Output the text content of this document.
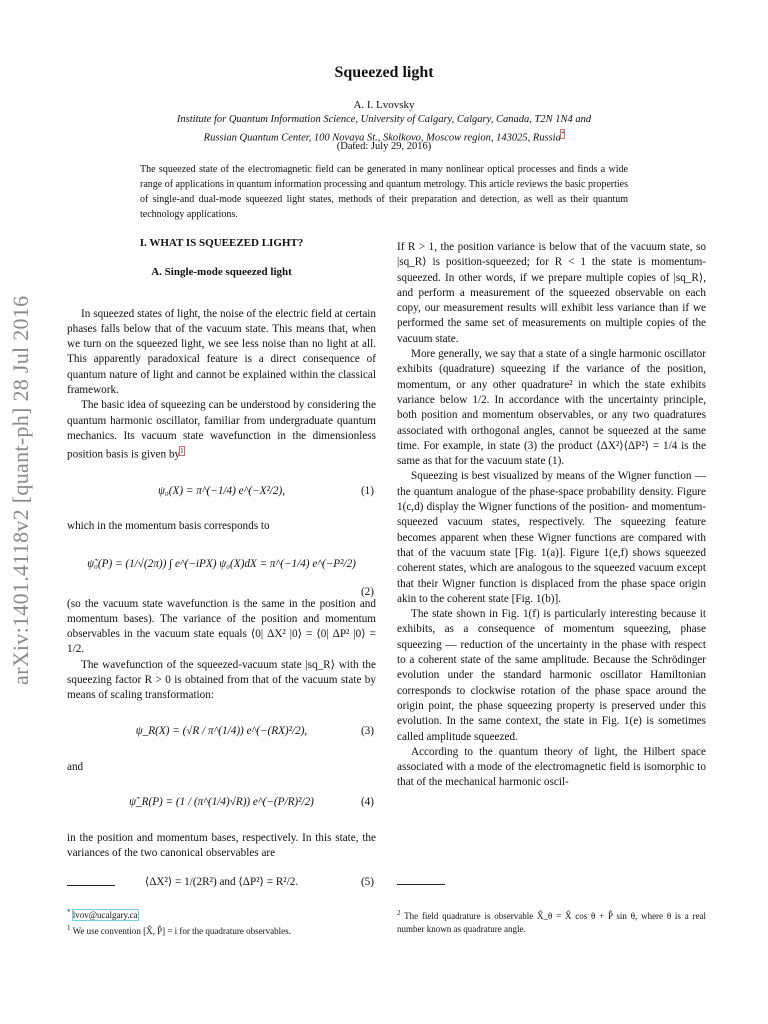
arXiv:1401.4118v2 [quant-ph] 28 Jul 2016
Squeezed light
A. I. Lvovsky
Institute for Quantum Information Science, University of Calgary, Calgary, Canada, T2N 1N4 and
Russian Quantum Center, 100 Novaya St., Skolkovo, Moscow region, 143025, Russia*
(Dated: July 29, 2016)
The squeezed state of the electromagnetic field can be generated in many nonlinear optical processes and finds a wide range of applications in quantum information processing and quantum metrology. This article reviews the basic properties of single-and dual-mode squeezed light states, methods of their preparation and detection, as well as their quantum technology applications.
I. WHAT IS SQUEEZED LIGHT?
A. Single-mode squeezed light

In squeezed states of light, the noise of the electric field at certain phases falls below that of the vacuum state. This means that, when we turn on the squeezed light, we see less noise than no light at all. This apparently paradoxical feature is a direct consequence of quantum nature of light and cannot be explained within the classical framework.

The basic idea of squeezing can be understood by considering the quantum harmonic oscillator, familiar from undergraduate quantum mechanics. Its vacuum state wavefunction in the dimensionless position basis is given by$^1$

ψ₀(X) = π^(−1/4) e^(−X²/2),	(1)

which in the momentum basis corresponds to

ψ̃₀(P) = (1/√(2π)) ∫ e^(−iPX) ψ₀(X)dX = π^(−1/4) e^(−P²/2)
(2)

(so the vacuum state wavefunction is the same in the position and momentum bases). The variance of the position and momentum observables in the vacuum state equals ⟨0| ΔX² |0⟩ = ⟨0| ΔP² |0⟩ = 1/2.

The wavefunction of the squeezed-vacuum state |sq_R⟩ with the squeezing factor R > 0 is obtained from that of the vacuum state by means of scaling transformation:

ψ_R(X) = (√R / π^(1/4)) e^(−(RX)²/2),	(3)

and

ψ̃_R(P) = (1 / (π^(1/4)√R)) e^(−(P/R)²/2)	(4)

in the position and momentum bases, respectively. In this state, the variances of the two canonical observables are

⟨ΔX²⟩ = 1/(2R²) and ⟨ΔP²⟩ = R²/2.	(5)

If R > 1, the position variance is below that of the vacuum state, so |sq_R⟩ is position-squeezed; for R < 1 the state is momentum-squeezed. In other words, if we prepare multiple copies of |sq_R⟩, and perform a measurement of the squeezed observable on each copy, our measurement results will exhibit less variance than if we performed the same set of measurements on multiple copies of the vacuum state.

More generally, we say that a state of a single harmonic oscillator exhibits (quadrature) squeezing if the variance of the position, momentum, or any other quadrature² in which the state exhibits variance below 1/2. In accordance with the uncertainty principle, both position and momentum observables, or any two quadratures associated with orthogonal angles, cannot be squeezed at the same time. For example, in state (3) the product ⟨ΔX²⟩⟨ΔP²⟩ = 1/4 is the same as that for the vacuum state (1).

Squeezing is best visualized by means of the Wigner function — the quantum analogue of the phase-space probability density. Figure 1(c,d) display the Wigner functions of the position- and momentum-squeezed vacuum states, respectively. The squeezing feature becomes apparent when these Wigner functions are compared with that of the vacuum state [Fig. 1(a)]. Figure 1(e,f) shows squeezed coherent states, which are analogous to the squeezed vacuum except that their Wigner function is displaced from the phase space origin akin to the coherent state [Fig. 1(b)].

The state shown in Fig. 1(f) is particularly interesting because it exhibits, as a consequence of momentum squeezing, phase squeezing — reduction of the uncertainty in the phase with respect to a coherent state of the same amplitude. Because the Schrödinger evolution under the standard harmonic oscillator Hamiltonian corresponds to clockwise rotation of the phase space around the origin point, the phase squeezing property is preserved under this evolution. In the same context, the state in Fig. 1(e) is sometimes called amplitude squeezed.

According to the quantum theory of light, the Hilbert space associated with a mode of the electromagnetic field is isomorphic to that of the mechanical harmonic oscil-

* lvov@ucalgary.ca
$^1$ We use convention [X̂, P̂] = i for the quadrature observables.
$^2$ The field quadrature is observable X̂_θ = X̂ cos θ + P̂ sin θ, where θ is a real number known as quadrature angle.
